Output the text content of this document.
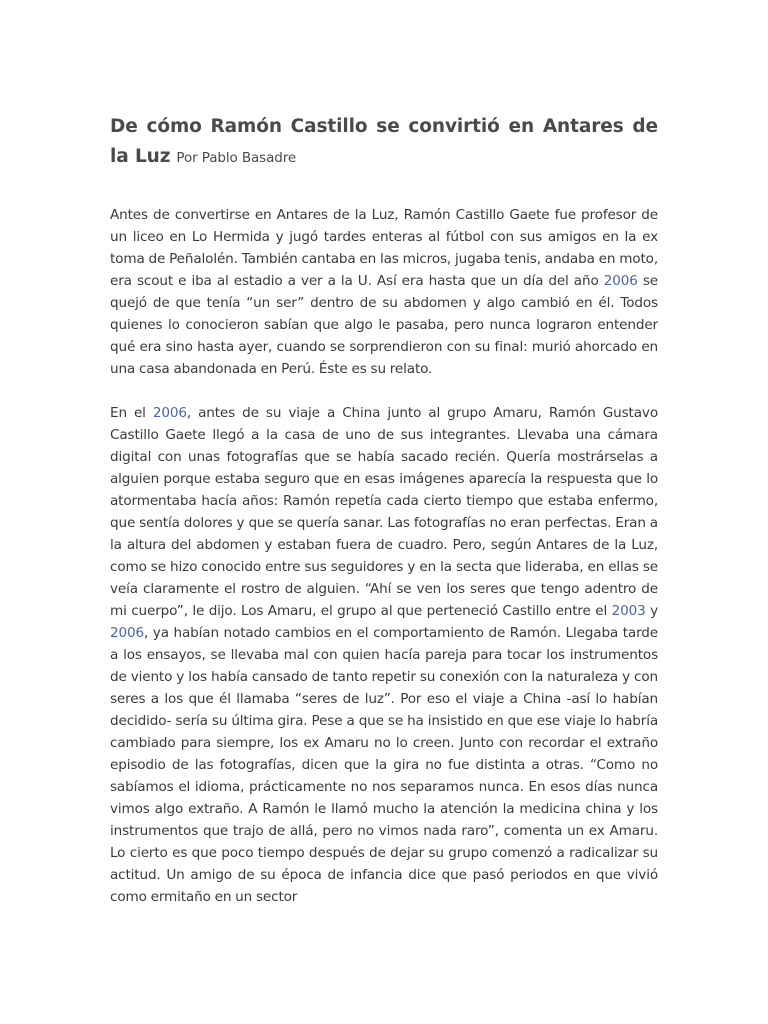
De cómo Ramón Castillo se convirtió en Antares de la Luz Por Pablo Basadre

Antes de convertirse en Antares de la Luz, Ramón Castillo Gaete fue profesor de un liceo en Lo Hermida y jugó tardes enteras al fútbol con sus amigos en la ex toma de Peñalolén. También cantaba en las micros, jugaba tenis, andaba en moto, era scout e iba al estadio a ver a la U. Así era hasta que un día del año 2006 se quejó de que tenía “un ser” dentro de su abdomen y algo cambió en él. Todos quienes lo conocieron sabían que algo le pasaba, pero nunca lograron entender qué era sino hasta ayer, cuando se sorprendieron con su final: murió ahorcado en una casa abandonada en Perú. Éste es su relato.

En el 2006, antes de su viaje a China junto al grupo Amaru, Ramón Gustavo Castillo Gaete llegó a la casa de uno de sus integrantes. Llevaba una cámara digital con unas fotografías que se había sacado recién. Quería mostrárselas a alguien porque estaba seguro que en esas imágenes aparecía la respuesta que lo atormentaba hacía años: Ramón repetía cada cierto tiempo que estaba enfermo, que sentía dolores y que se quería sanar. Las fotografías no eran perfectas. Eran a la altura del abdomen y estaban fuera de cuadro. Pero, según Antares de la Luz, como se hizo conocido entre sus seguidores y en la secta que lideraba, en ellas se veía claramente el rostro de alguien. “Ahí se ven los seres que tengo adentro de mi cuerpo”, le dijo. Los Amaru, el grupo al que perteneció Castillo entre el 2003 y 2006, ya habían notado cambios en el comportamiento de Ramón. Llegaba tarde a los ensayos, se llevaba mal con quien hacía pareja para tocar los instrumentos de viento y los había cansado de tanto repetir su conexión con la naturaleza y con seres a los que él llamaba “seres de luz”. Por eso el viaje a China -así lo habían decidido- sería su última gira. Pese a que se ha insistido en que ese viaje lo habría cambiado para siempre, los ex Amaru no lo creen. Junto con recordar el extraño episodio de las fotografías, dicen que la gira no fue distinta a otras. “Como no sabíamos el idioma, prácticamente no nos separamos nunca. En esos días nunca vimos algo extraño. A Ramón le llamó mucho la atención la medicina china y los instrumentos que trajo de allá, pero no vimos nada raro”, comenta un ex Amaru. Lo cierto es que poco tiempo después de dejar su grupo comenzó a radicalizar su actitud. Un amigo de su época de infancia dice que pasó periodos en que vivió como ermitaño en un sector
